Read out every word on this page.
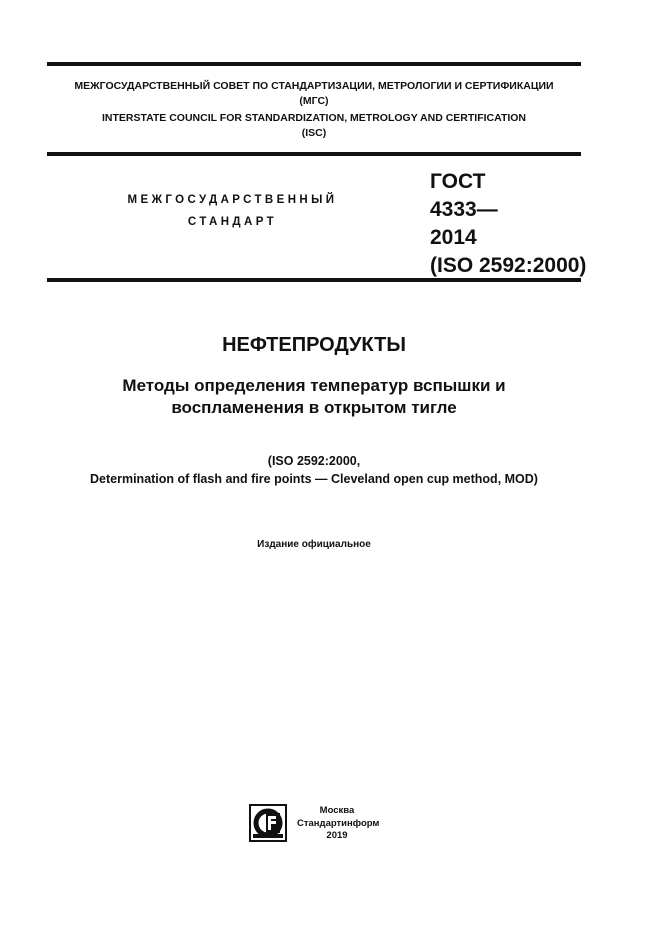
МЕЖГОСУДАРСТВЕННЫЙ СОВЕТ ПО СТАНДАРТИЗАЦИИ, МЕТРОЛОГИИ И СЕРТИФИКАЦИИ
(МГС)
INTERSTATE COUNCIL FOR STANDARDIZATION, METROLOGY AND CERTIFICATION
(ISC)
МЕЖГОСУДАРСТВЕННЫЙ
СТАНДАРТ
ГОСТ
4333—
2014
(ISO 2592:2000)
НЕФТЕПРОДУКТЫ
Методы определения температур вспышки и
воспламенения в открытом тигле
(ISO 2592:2000,
Determination of flash and fire points — Cleveland open cup method, MOD)
Издание официальное
Москва
Стандартинформ
2019
